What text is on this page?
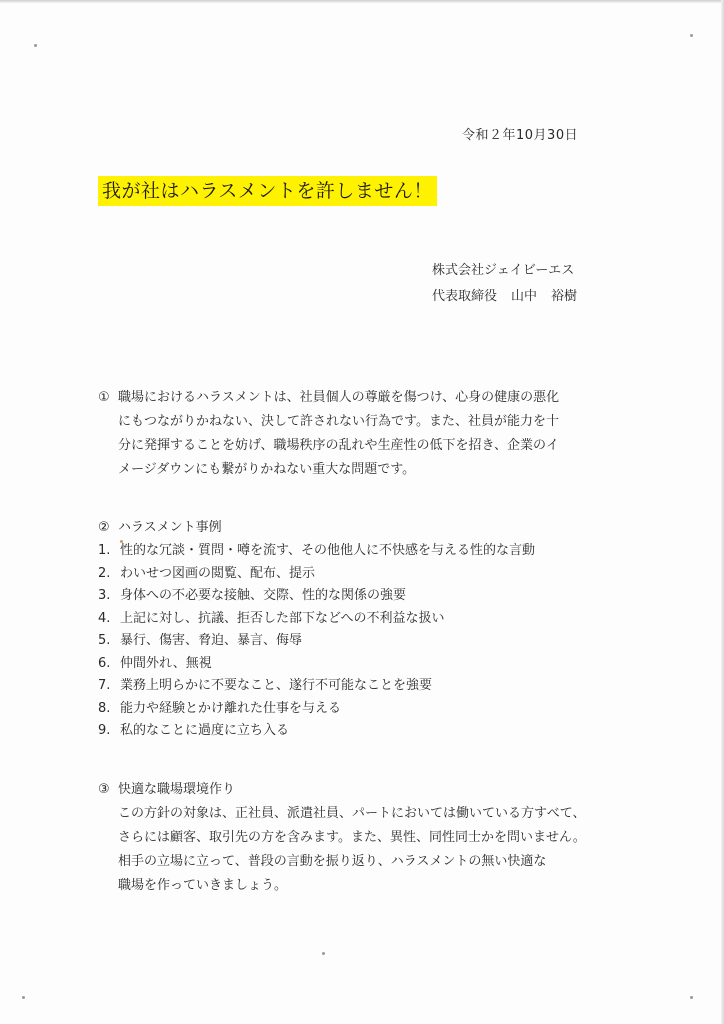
令和２年10月30日
我が社はハラスメントを許しません！
株式会社ジェイビーエス
代表取締役 山中 裕樹
① 職場におけるハラスメントは、社員個人の尊厳を傷つけ、心身の健康の悪化
にもつながりかねない、決して許されない行為です。また、社員が能力を十
分に発揮することを妨げ、職場秩序の乱れや生産性の低下を招き、企業のイ
メージダウンにも繋がりかねない重大な問題です。
② ハラスメント事例
1. 性的な冗談・質問・噂を流す、その他他人に不快感を与える性的な言動
2. わいせつ図画の閲覧、配布、提示
3. 身体への不必要な接触、交際、性的な関係の強要
4. 上記に対し、抗議、拒否した部下などへの不利益な扱い
5. 暴行、傷害、脅迫、暴言、侮辱
6. 仲間外れ、無視
7. 業務上明らかに不要なこと、遂行不可能なことを強要
8. 能力や経験とかけ離れた仕事を与える
9. 私的なことに過度に立ち入る
③ 快適な職場環境作り
この方針の対象は、正社員、派遣社員、パートにおいては働いている方すべて、
さらには顧客、取引先の方を含みます。また、異性、同性同士かを問いません。
相手の立場に立って、普段の言動を振り返り、ハラスメントの無い快適な
職場を作っていきましょう。
